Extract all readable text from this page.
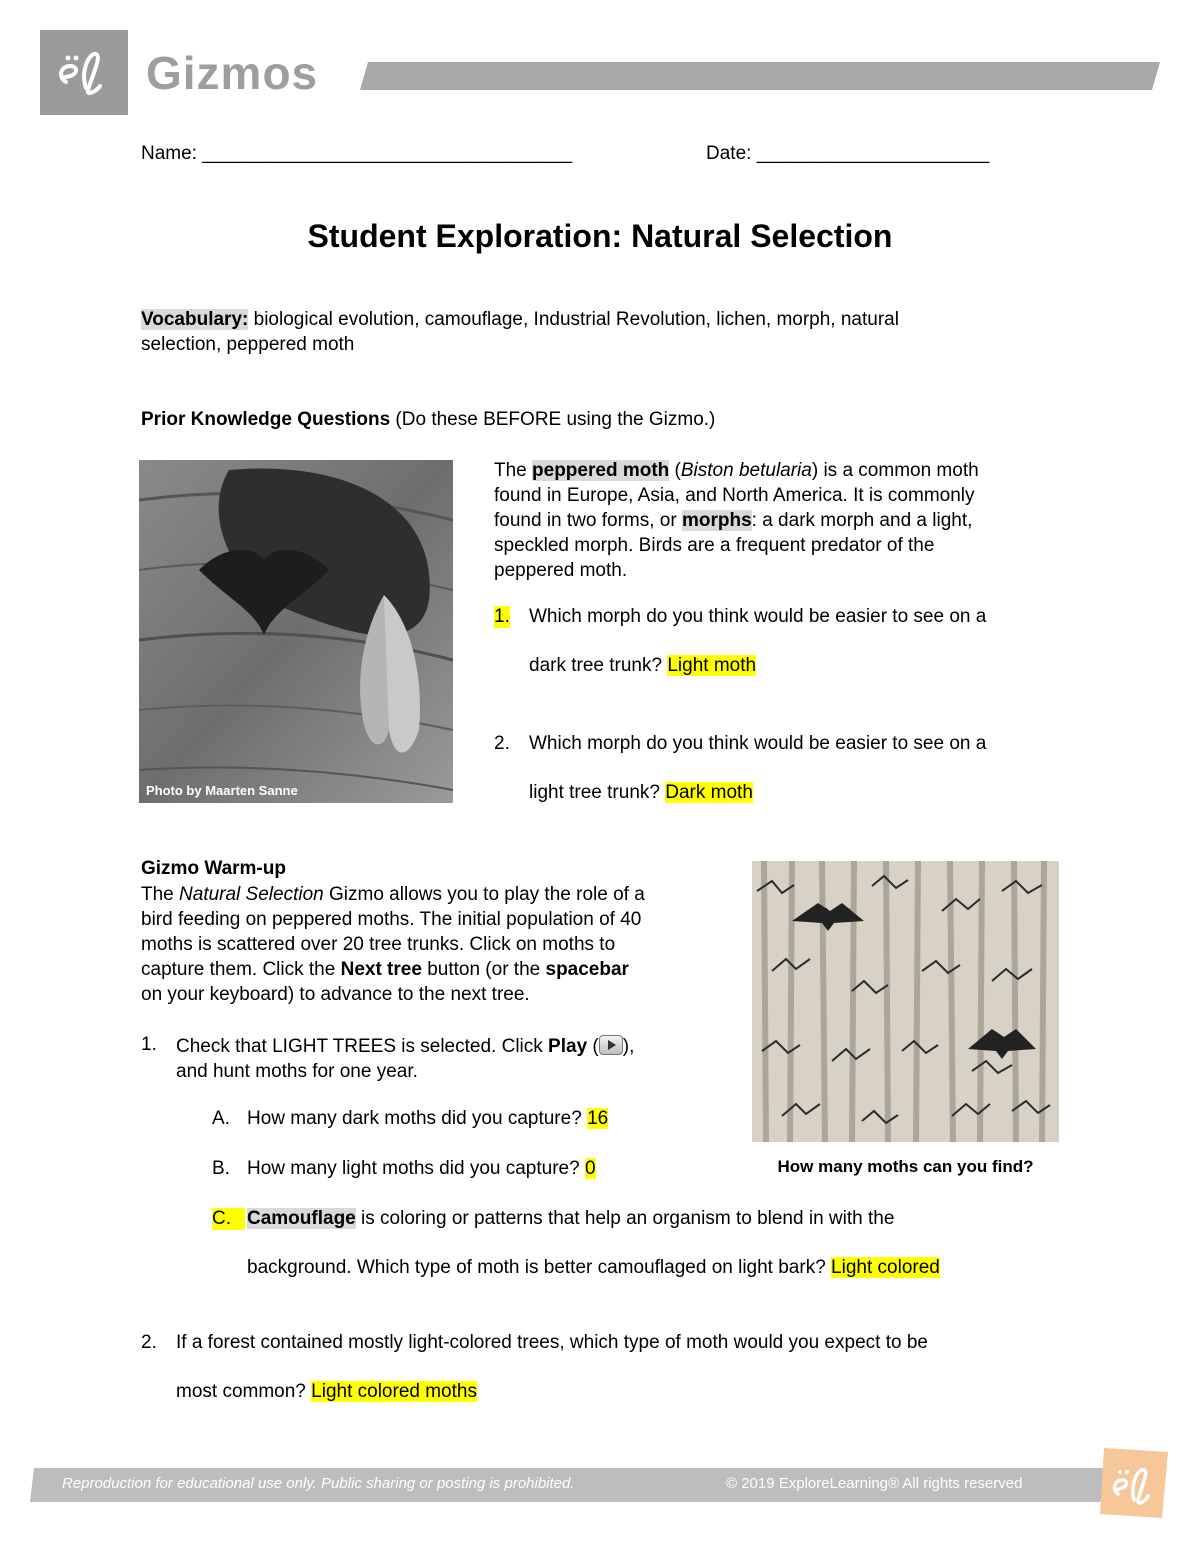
Gizmos
Name: ___________________________________	Date: ______________________
Student Exploration: Natural Selection
Vocabulary: biological evolution, camouflage, Industrial Revolution, lichen, morph, natural
selection, peppered moth
Prior Knowledge Questions (Do these BEFORE using the Gizmo.)
Photo by Maarten Sanne
The peppered moth (Biston betularia) is a common moth
found in Europe, Asia, and North America. It is commonly
found in two forms, or morphs: a dark morph and a light,
speckled morph. Birds are a frequent predator of the
peppered moth.
1. Which morph do you think would be easier to see on a
dark tree trunk? Light moth
2. Which morph do you think would be easier to see on a
light tree trunk? Dark moth
Gizmo Warm-up
The Natural Selection Gizmo allows you to play the role of a
bird feeding on peppered moths. The initial population of 40
moths is scattered over 20 tree trunks. Click on moths to
capture them. Click the Next tree button (or the spacebar
on your keyboard) to advance to the next tree.
How many moths can you find?
1. Check that LIGHT TREES is selected. Click Play ( ),
and hunt moths for one year.
A. How many dark moths did you capture? 16
B. How many light moths did you capture? 0
C. Camouflage is coloring or patterns that help an organism to blend in with the
background. Which type of moth is better camouflaged on light bark? Light colored
2. If a forest contained mostly light-colored trees, which type of moth would you expect to be
most common? Light colored moths
Reproduction for educational use only. Public sharing or posting is prohibited.	© 2019 ExploreLearning® All rights reserved
